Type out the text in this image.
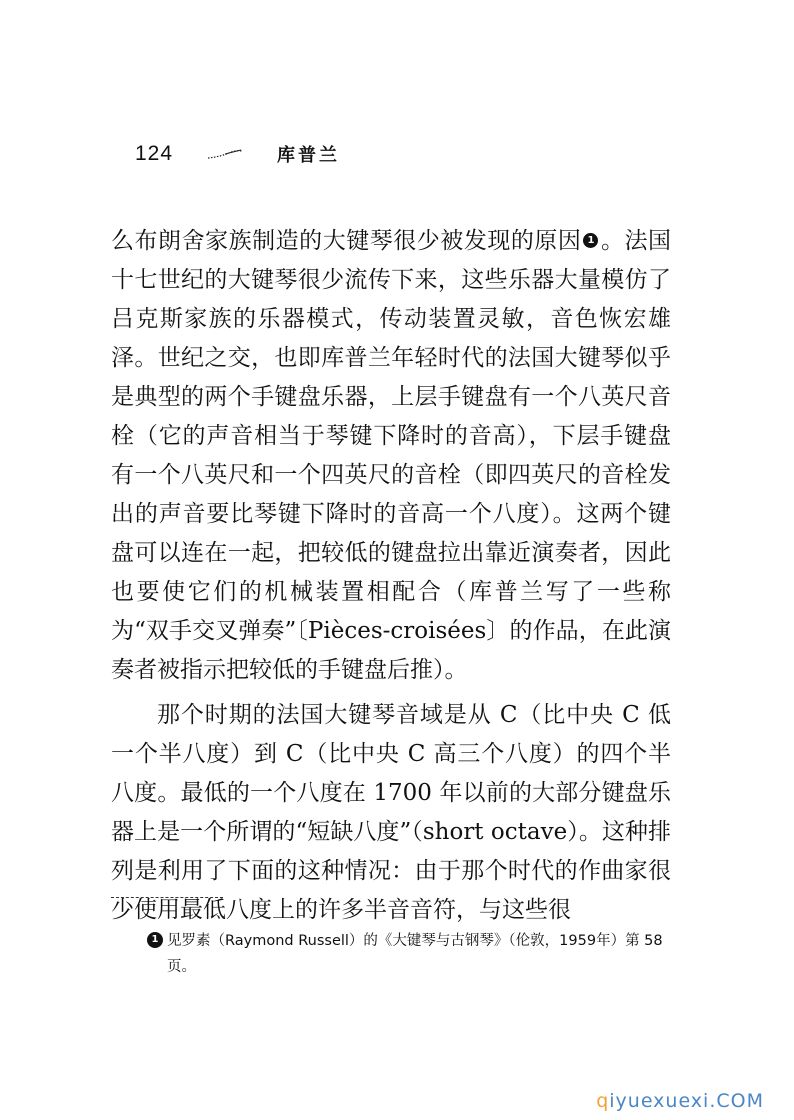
124	库普兰

么布朗舍家族制造的大键琴很少被发现的原因 1 。法国十七世纪的大键琴很少流传下来，这些乐器大量模仿了吕克斯家族的乐器模式，传动装置灵敏，音色恢宏雄泽。世纪之交，也即库普兰年轻时代的法国大键琴似乎是典型的两个手键盘乐器，上层手键盘有一个八英尺音栓（它的声音相当于琴键下降时的音高），下层手键盘有一个八英尺和一个四英尺的音栓（即四英尺的音栓发出的声音要比琴键下降时的音高一个八度）。这两个键盘可以连在一起，把较低的键盘拉出靠近演奏者，因此也要使它们的机械装置相配合（库普兰写了一些称为“双手交叉弹奏”〔Pièces-croisées〕的作品，在此演奏者被指示把较低的手键盘后推）。

那个时期的法国大键琴音域是从 C（比中央 C 低一个半八度）到 C（比中央 C 高三个八度）的四个半八度。最低的一个八度在 1700 年以前的大部分键盘乐器上是一个所谓的“短缺八度”（short octave）。这种排列是利用了下面的这种情况：由于那个时代的作曲家很少使用最低八度上的许多半音音符，与这些很

1 见罗素（Raymond Russell）的《大键琴与古钢琴》（伦敦，1959年）第 58 页。
qiyuexuexi.COM
